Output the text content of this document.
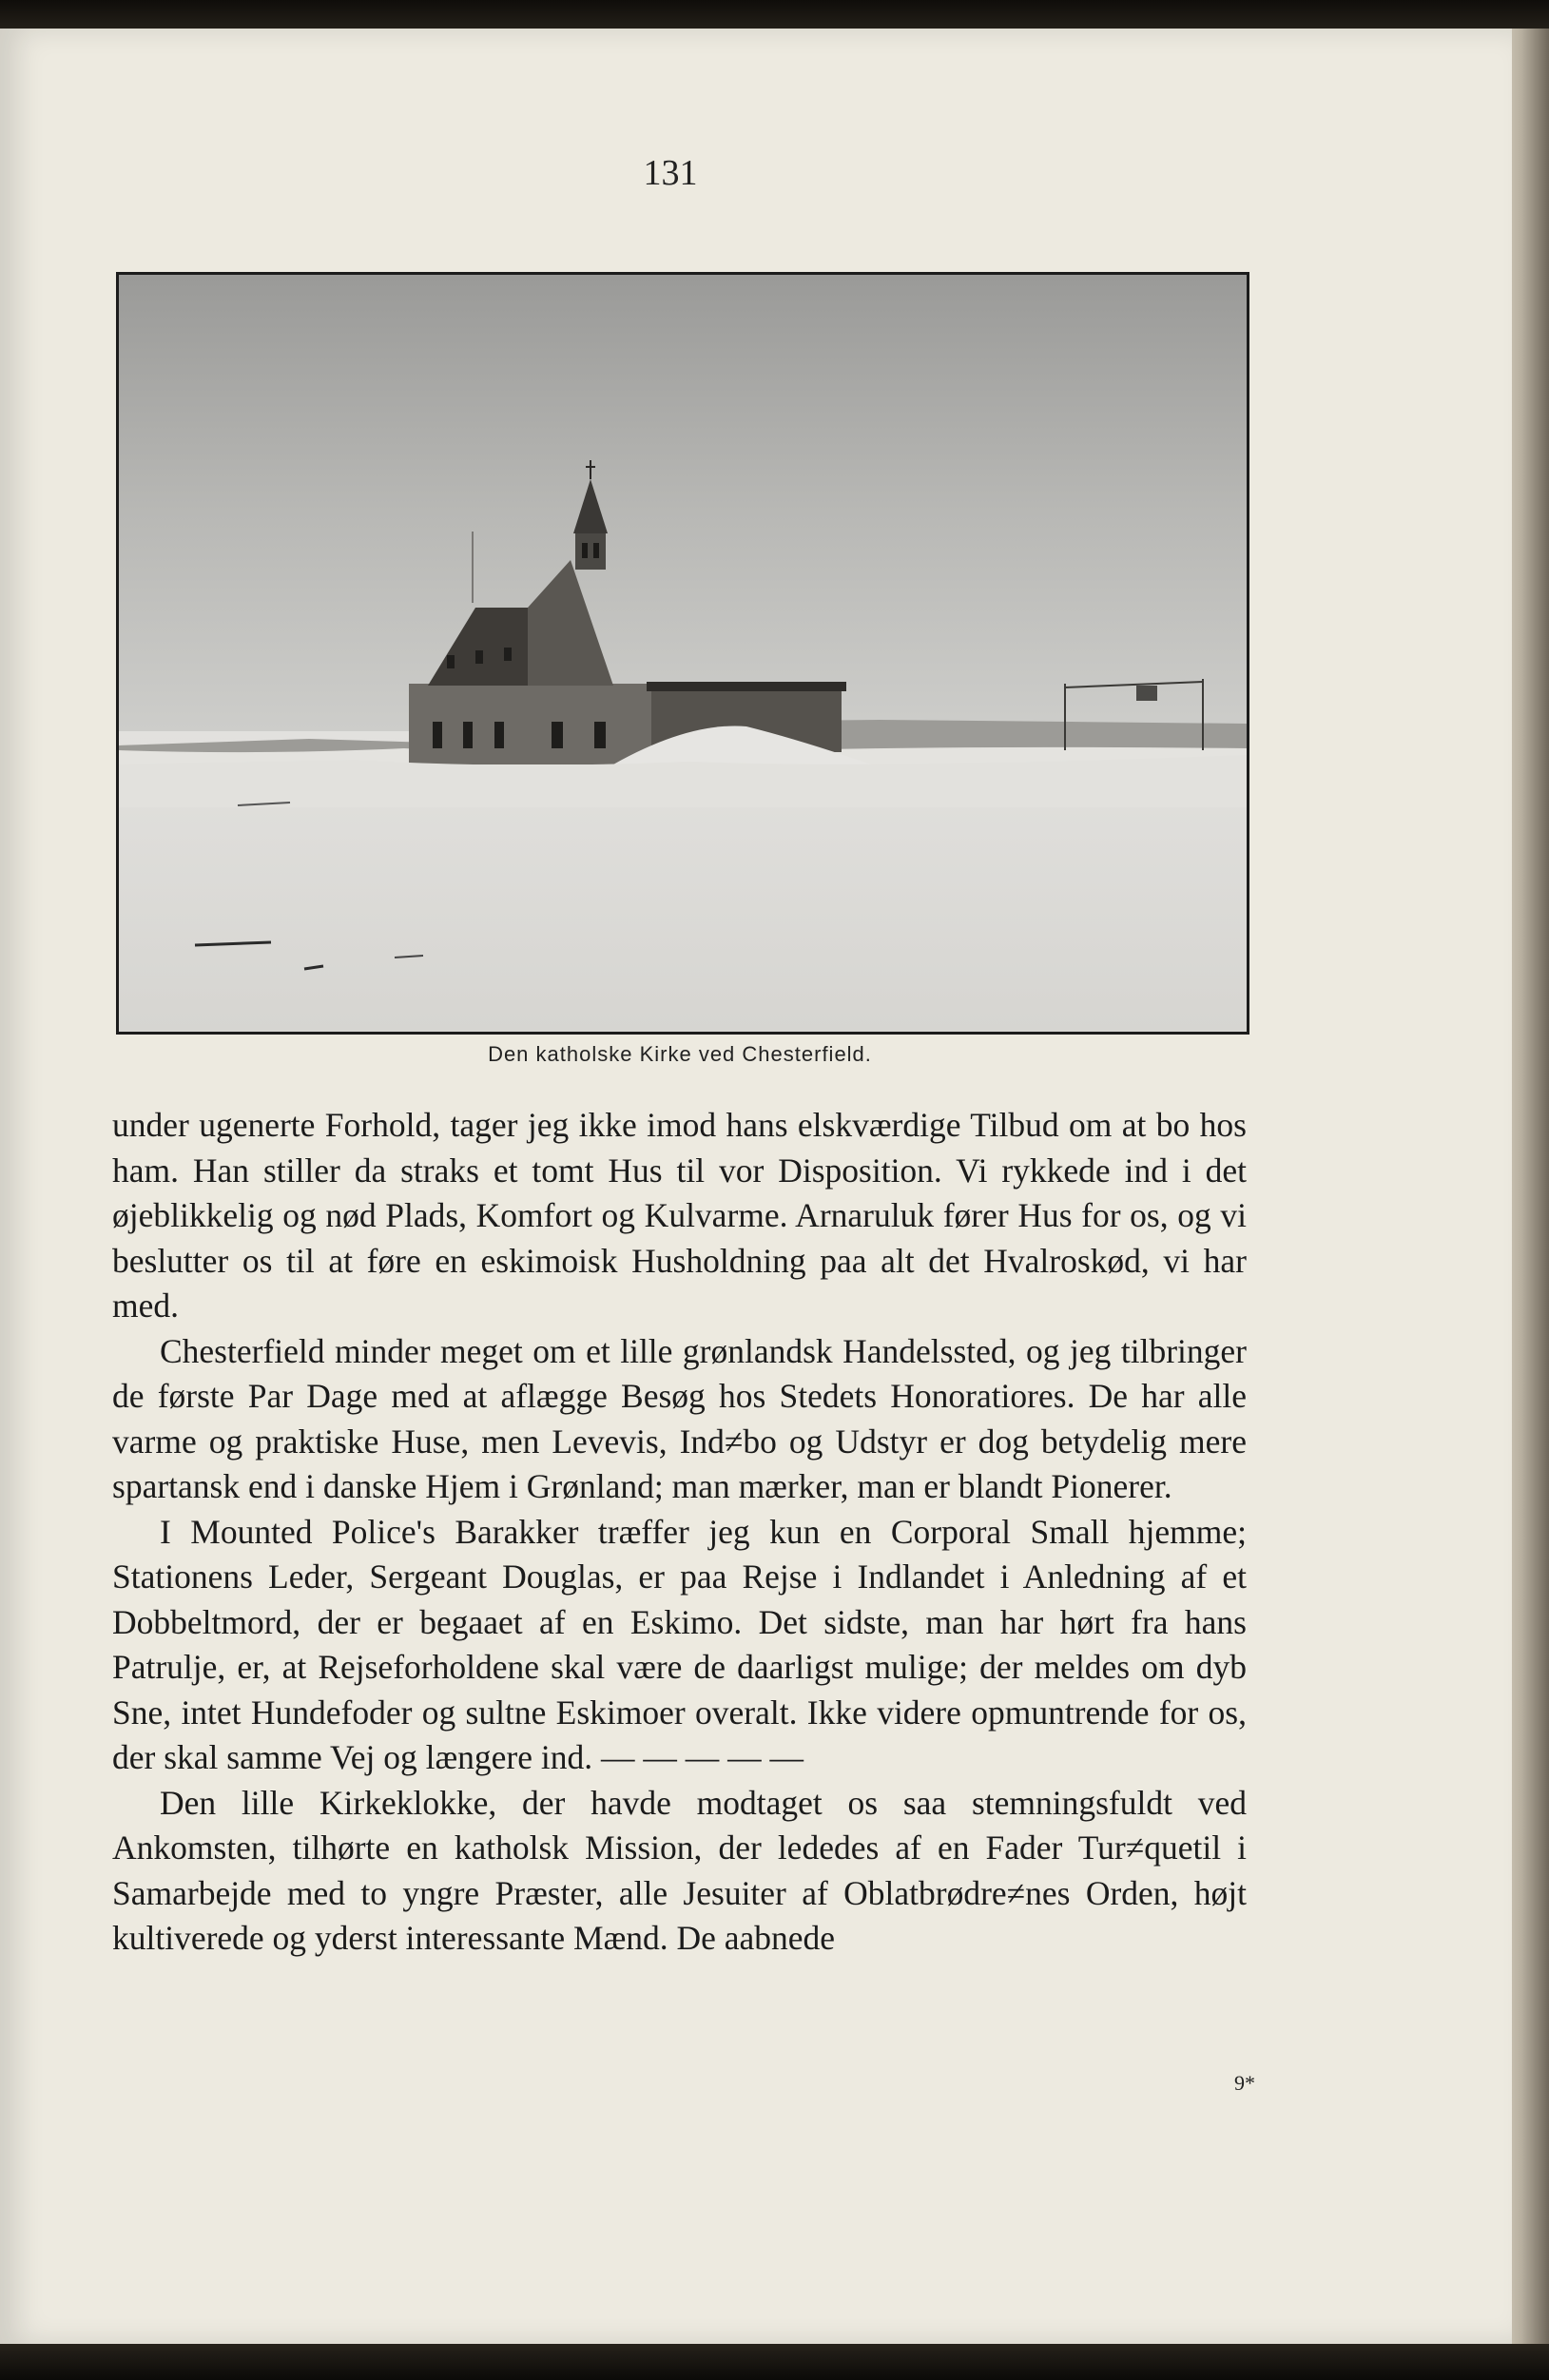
131
Den katholske Kirke ved Chesterfield.

under ugenerte Forhold, tager jeg ikke imod hans elskværdige Tilbud om at bo hos ham. Han stiller da straks et tomt Hus til vor Disposition. Vi rykkede ind i det øjeblikkelig og nød Plads, Komfort og Kulvarme. Arnaruluk fører Hus for os, og vi beslutter os til at føre en eskimoisk Husholdning paa alt det Hvalroskød, vi har med.

Chesterfield minder meget om et lille grønlandsk Handelssted, og jeg tilbringer de første Par Dage med at aflægge Besøg hos Stedets Honoratiores. De har alle varme og praktiske Huse, men Levevis, Ind≠bo og Udstyr er dog betydelig mere spartansk end i danske Hjem i Grønland; man mærker, man er blandt Pionerer.

I Mounted Police's Barakker træffer jeg kun en Corporal Small hjemme; Stationens Leder, Sergeant Douglas, er paa Rejse i Indlandet i Anledning af et Dobbeltmord, der er begaaet af en Eskimo. Det sidste, man har hørt fra hans Patrulje, er, at Rejseforholdene skal være de daarligst mulige; der meldes om dyb Sne, intet Hundefoder og sultne Eskimoer overalt. Ikke videre opmuntrende for os, der skal samme Vej og længere ind. — — — — —

Den lille Kirkeklokke, der havde modtaget os saa stemningsfuldt ved Ankomsten, tilhørte en katholsk Mission, der lededes af en Fader Tur≠quetil i Samarbejde med to yngre Præster, alle Jesuiter af Oblatbrødre≠nes Orden, højt kultiverede og yderst interessante Mænd. De aabnede

9*
